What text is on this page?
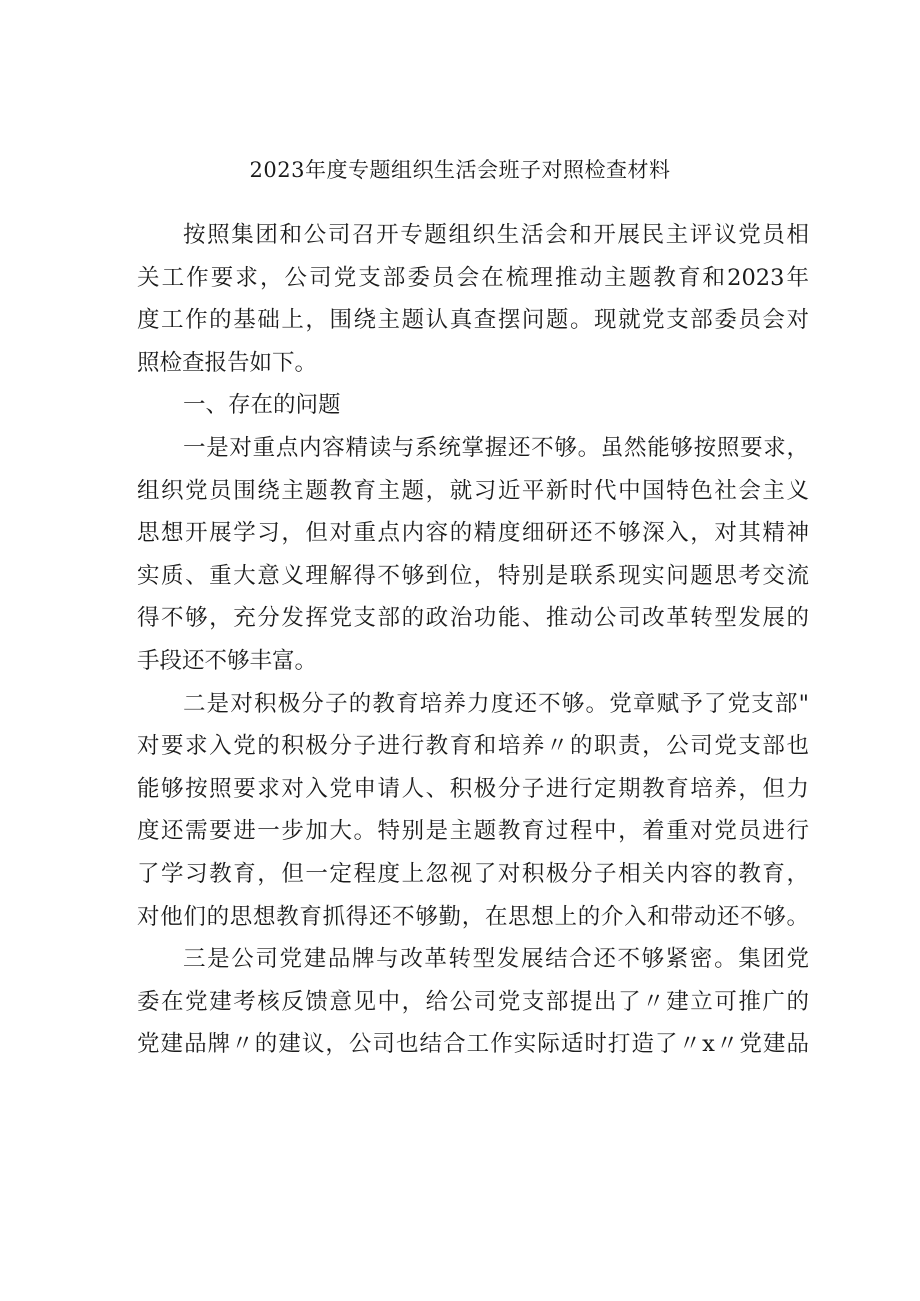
2023年度专题组织生活会班子对照检查材料
按照集团和公司召开专题组织生活会和开展民主评议党员相
关工作要求，公司党支部委员会在梳理推动主题教育和2023年
度工作的基础上，围绕主题认真查摆问题。现就党支部委员会对
照检查报告如下。
一、存在的问题
一是对重点内容精读与系统掌握还不够。虽然能够按照要求，
组织党员围绕主题教育主题，就习近平新时代中国特色社会主义
思想开展学习，但对重点内容的精度细研还不够深入，对其精神
实质、重大意义理解得不够到位，特别是联系现实问题思考交流
得不够，充分发挥党支部的政治功能、推动公司改革转型发展的
手段还不够丰富。
二是对积极分子的教育培养力度还不够。党章赋予了党支部"
对要求入党的积极分子进行教育和培养〃的职责，公司党支部也
能够按照要求对入党申请人、积极分子进行定期教育培养，但力
度还需要进一步加大。特别是主题教育过程中，着重对党员进行
了学习教育，但一定程度上忽视了对积极分子相关内容的教育，
对他们的思想教育抓得还不够勤，在思想上的介入和带动还不够。
三是公司党建品牌与改革转型发展结合还不够紧密。集团党
委在党建考核反馈意见中，给公司党支部提出了〃建立可推广的
党建品牌〃的建议，公司也结合工作实际适时打造了〃x〃党建品
